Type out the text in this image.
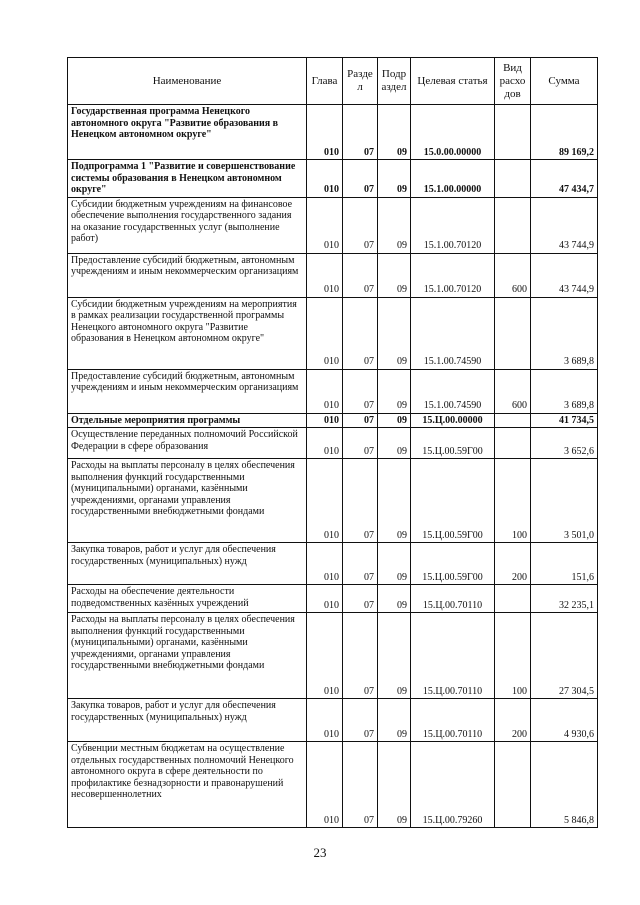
Наименование	Глава	Разде л	Подр аздел	Целевая статья	Вид расхо дов	Сумма
Государственная программа Ненецкого автономного округа "Развитие образования в Ненецком автономном округе"	010	07	09	15.0.00.00000		89 169,2
Подпрограмма 1 "Развитие и совершенствование системы образования в Ненецком автономном округе"	010	07	09	15.1.00.00000		47 434,7
Субсидии бюджетным учреждениям на финансовое обеспечение выполнения государственного задания на оказание государственных услуг (выполнение работ)	010	07	09	15.1.00.70120		43 744,9
Предоставление субсидий бюджетным, автономным учреждениям и иным некоммерческим организациям	010	07	09	15.1.00.70120	600	43 744,9
Субсидии бюджетным учреждениям на мероприятия в рамках реализации государственной программы Ненецкого автономного округа "Развитие образования в Ненецком автономном округе"	010	07	09	15.1.00.74590		3 689,8
Предоставление субсидий бюджетным, автономным учреждениям и иным некоммерческим организациям	010	07	09	15.1.00.74590	600	3 689,8
Отдельные мероприятия программы	010	07	09	15.Ц.00.00000		41 734,5
Осуществление переданных полномочий Российской Федерации в сфере образования	010	07	09	15.Ц.00.59Г00		3 652,6
Расходы на выплаты персоналу в целях обеспечения выполнения функций государственными (муниципальными) органами, казёнными учреждениями, органами управления государственными внебюджетными фондами	010	07	09	15.Ц.00.59Г00	100	3 501,0
Закупка товаров, работ и услуг для обеспечения государственных (муниципальных) нужд	010	07	09	15.Ц.00.59Г00	200	151,6
Расходы на обеспечение деятельности подведомственных казённых учреждений	010	07	09	15.Ц.00.70110		32 235,1
Расходы на выплаты персоналу в целях обеспечения выполнения функций государственными (муниципальными) органами, казёнными учреждениями, органами управления государственными внебюджетными фондами	010	07	09	15.Ц.00.70110	100	27 304,5
Закупка товаров, работ и услуг для обеспечения государственных (муниципальных) нужд	010	07	09	15.Ц.00.70110	200	4 930,6
Субвенции местным бюджетам на осуществление отдельных государственных полномочий Ненецкого автономного округа в сфере деятельности по профилактике безнадзорности и правонарушений несовершеннолетних	010	07	09	15.Ц.00.79260		5 846,8
23
